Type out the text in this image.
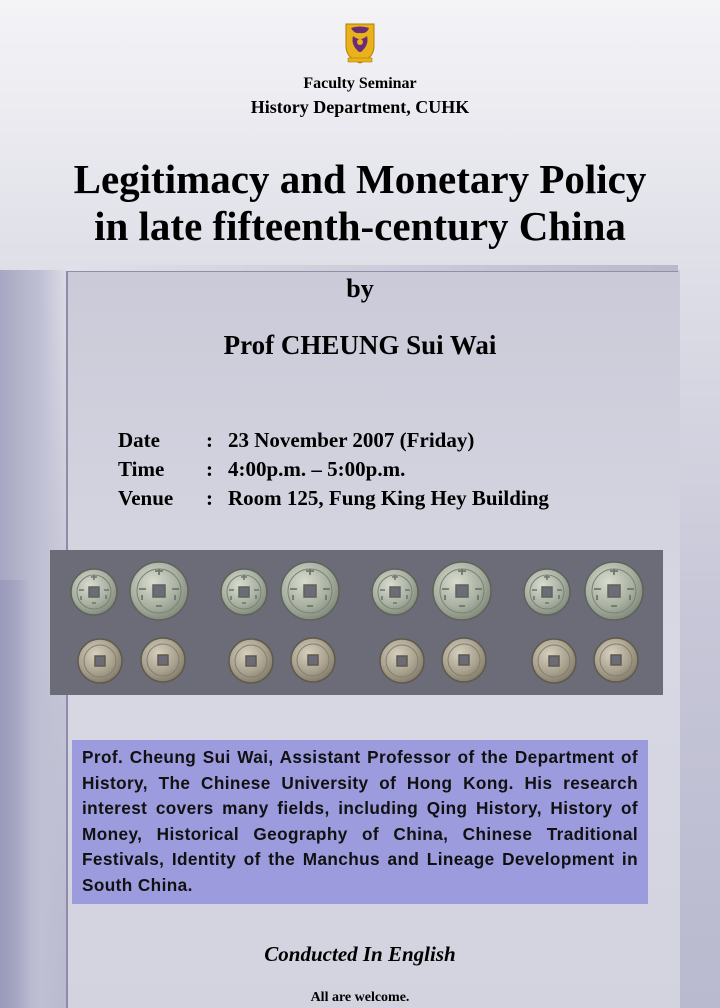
Faculty Seminar
History Department, CUHK
Legitimacy and Monetary Policy
in late fifteenth-century China
by
Prof CHEUNG Sui Wai
Date	:	23 November 2007 (Friday)
Time	:	4:00p.m. – 5:00p.m.
Venue	:	Room 125, Fung King Hey Building
Prof. Cheung Sui Wai, Assistant Professor of the Department of History, The Chinese University of Hong Kong. His research interest covers many fields, including Qing History, History of Money, Historical Geography of China, Chinese Traditional Festivals, Identity of the Manchus and Lineage Development in South China.
Conducted In English
All are welcome.
